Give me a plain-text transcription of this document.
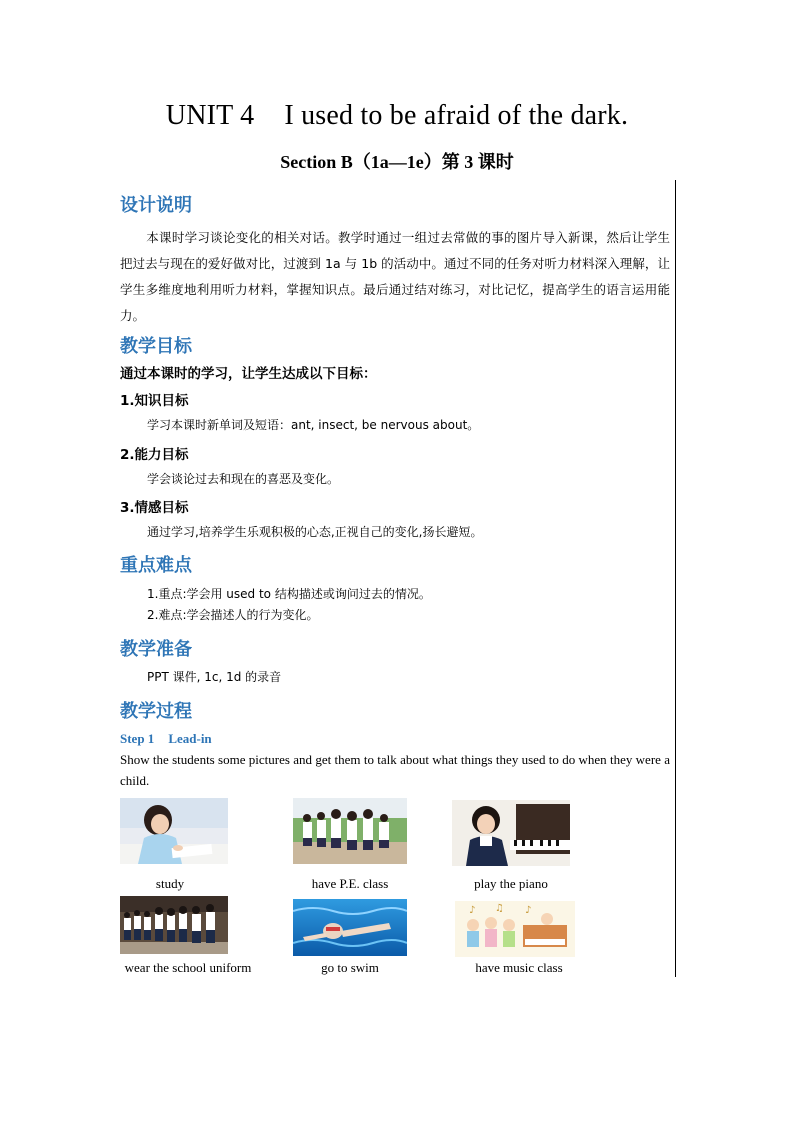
UNIT 4 I used to be afraid of the dark.
Section B（1a—1e）第 3 课时
设计说明
本课时学习谈论变化的相关对话。教学时通过一组过去常做的事的图片导入新课，然后让学生把过去与现在的爱好做对比，过渡到 1a 与 1b 的活动中。通过不同的任务对听力材料深入理解，让学生多维度地利用听力材料，掌握知识点。最后通过结对练习，对比记忆，提高学生的语言运用能力。
教学目标
通过本课时的学习，让学生达成以下目标：
1.知识目标
学习本课时新单词及短语：ant, insect, be nervous about。
2.能力目标
学会谈论过去和现在的喜恶及变化。
3.情感目标
通过学习,培养学生乐观积极的心态,正视自己的变化,扬长避短。
重点难点
1.重点:学会用 used to 结构描述或询问过去的情况。
2.难点:学会描述人的行为变化。
教学准备
PPT 课件, 1c, 1d 的录音
教学过程
Step 1 Lead-in
Show the students some pictures and get them to talk about what things they used to do when they were a child.
study	have P.E. class	play the piano
wear the school uniform	go to swim
♪ ♫ ♪
have music class
